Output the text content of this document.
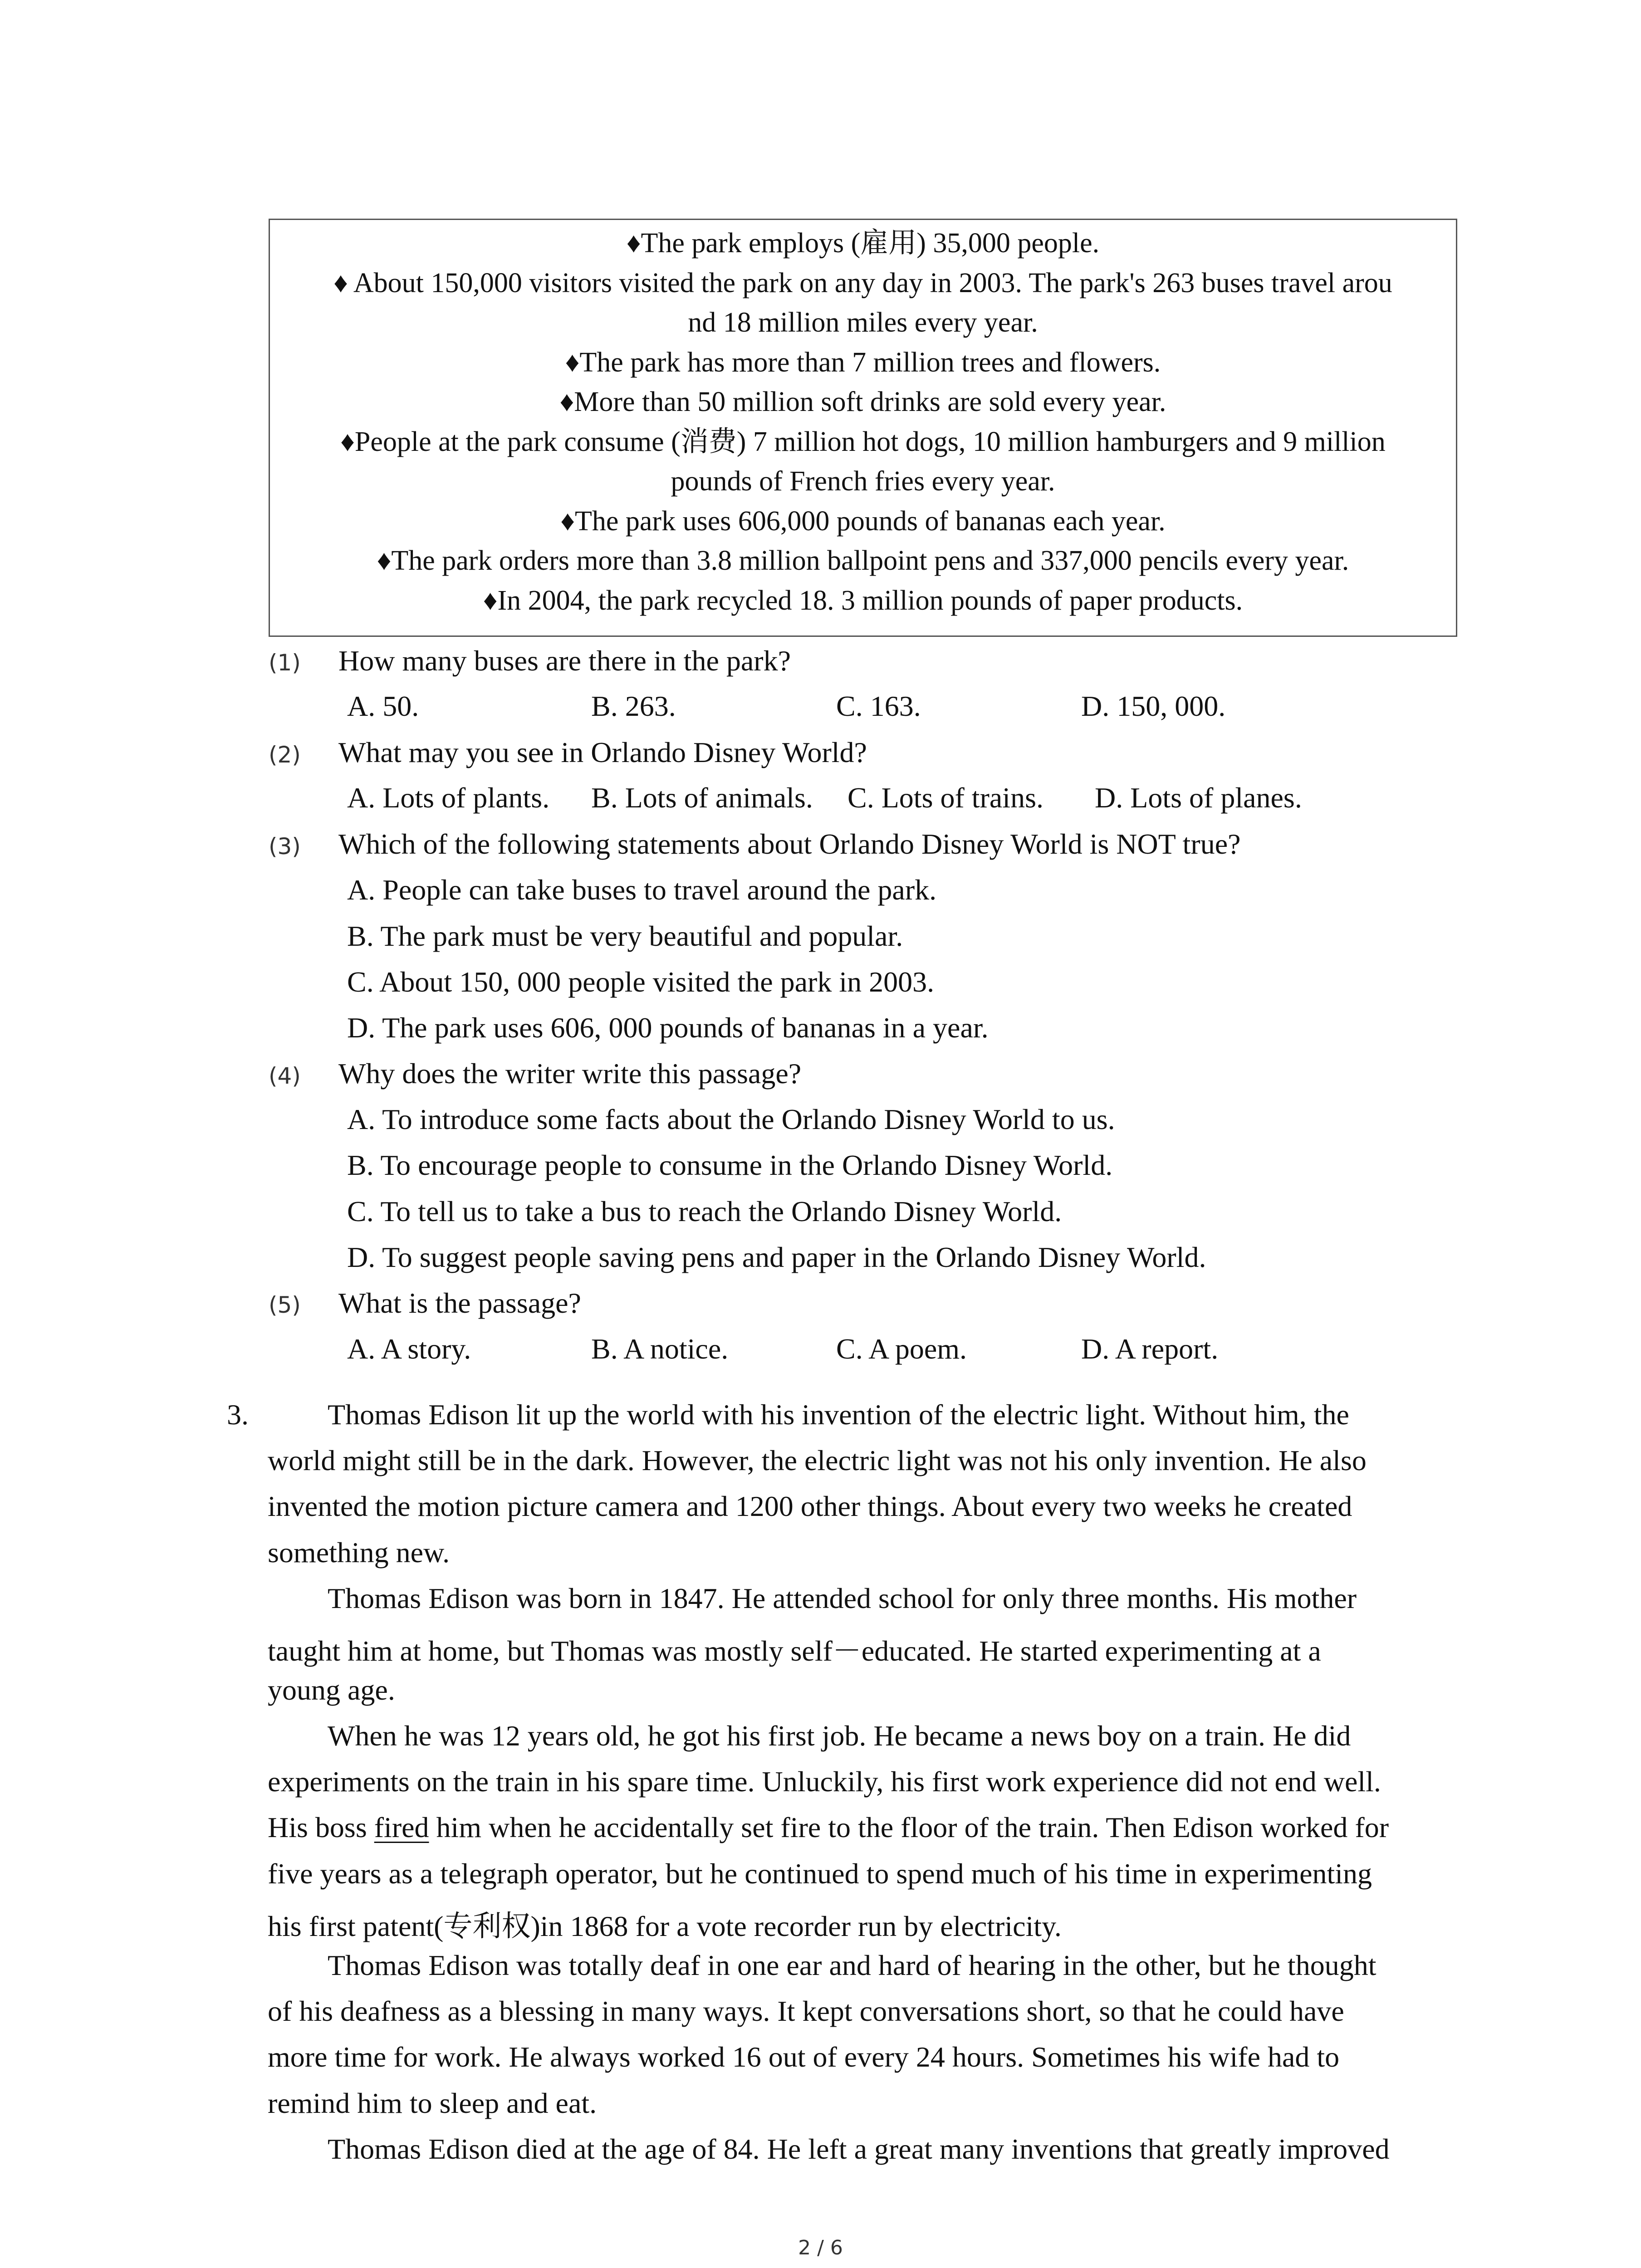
♦The park employs (雇用) 35,000 people.
♦ About 150,000 visitors visited the park on any day in 2003. The park's 263 buses travel arou
nd 18 million miles every year.
♦The park has more than 7 million trees and flowers.
♦More than 50 million soft drinks are sold every year.
♦People at the park consume (消费) 7 million hot dogs, 10 million hamburgers and 9 million
pounds of French fries every year.
♦The park uses 606,000 pounds of bananas each year.
♦The park orders more than 3.8 million ballpoint pens and 337,000 pencils every year.
♦In 2004, the park recycled 18. 3 million pounds of paper products.
(1) How many buses are there in the park?
A. 50.	B. 263.	C. 163.	D. 150, 000.
(2) What may you see in Orlando Disney World?
A. Lots of plants. B. Lots of animals. C. Lots of trains. D. Lots of planes.
(3) Which of the following statements about Orlando Disney World is NOT true?
A. People can take buses to travel around the park.
B. The park must be very beautiful and popular.
C. About 150, 000 people visited the park in 2003.
D. The park uses 606, 000 pounds of bananas in a year.
(4) Why does the writer write this passage?
A. To introduce some facts about the Orlando Disney World to us.
B. To encourage people to consume in the Orlando Disney World.
C. To tell us to take a bus to reach the Orlando Disney World.
D. To suggest people saving pens and paper in the Orlando Disney World.
(5) What is the passage?
A. A story.	B. A notice.	C. A poem.	D. A report.
3.	Thomas Edison lit up the world with his invention of the electric light. Without him, the
world might still be in the dark. However, the electric light was not his only invention. He also
invented the motion picture camera and 1200 other things. About every two weeks he created
something new.
Thomas Edison was born in 1847. He attended school for only three months. His mother
taught him at home, but Thomas was mostly self－educated. He started experimenting at a
young age.
When he was 12 years old, he got his first job. He became a news boy on a train. He did
experiments on the train in his spare time. Unluckily, his first work experience did not end well.
His boss fired him when he accidentally set fire to the floor of the train. Then Edison worked for
five years as a telegraph operator, but he continued to spend much of his time in experimenting
his first patent(专利权)in 1868 for a vote recorder run by electricity.
Thomas Edison was totally deaf in one ear and hard of hearing in the other, but he thought
of his deafness as a blessing in many ways. It kept conversations short, so that he could have
more time for work. He always worked 16 out of every 24 hours. Sometimes his wife had to
remind him to sleep and eat.
Thomas Edison died at the age of 84. He left a great many inventions that greatly improved
2 / 6
